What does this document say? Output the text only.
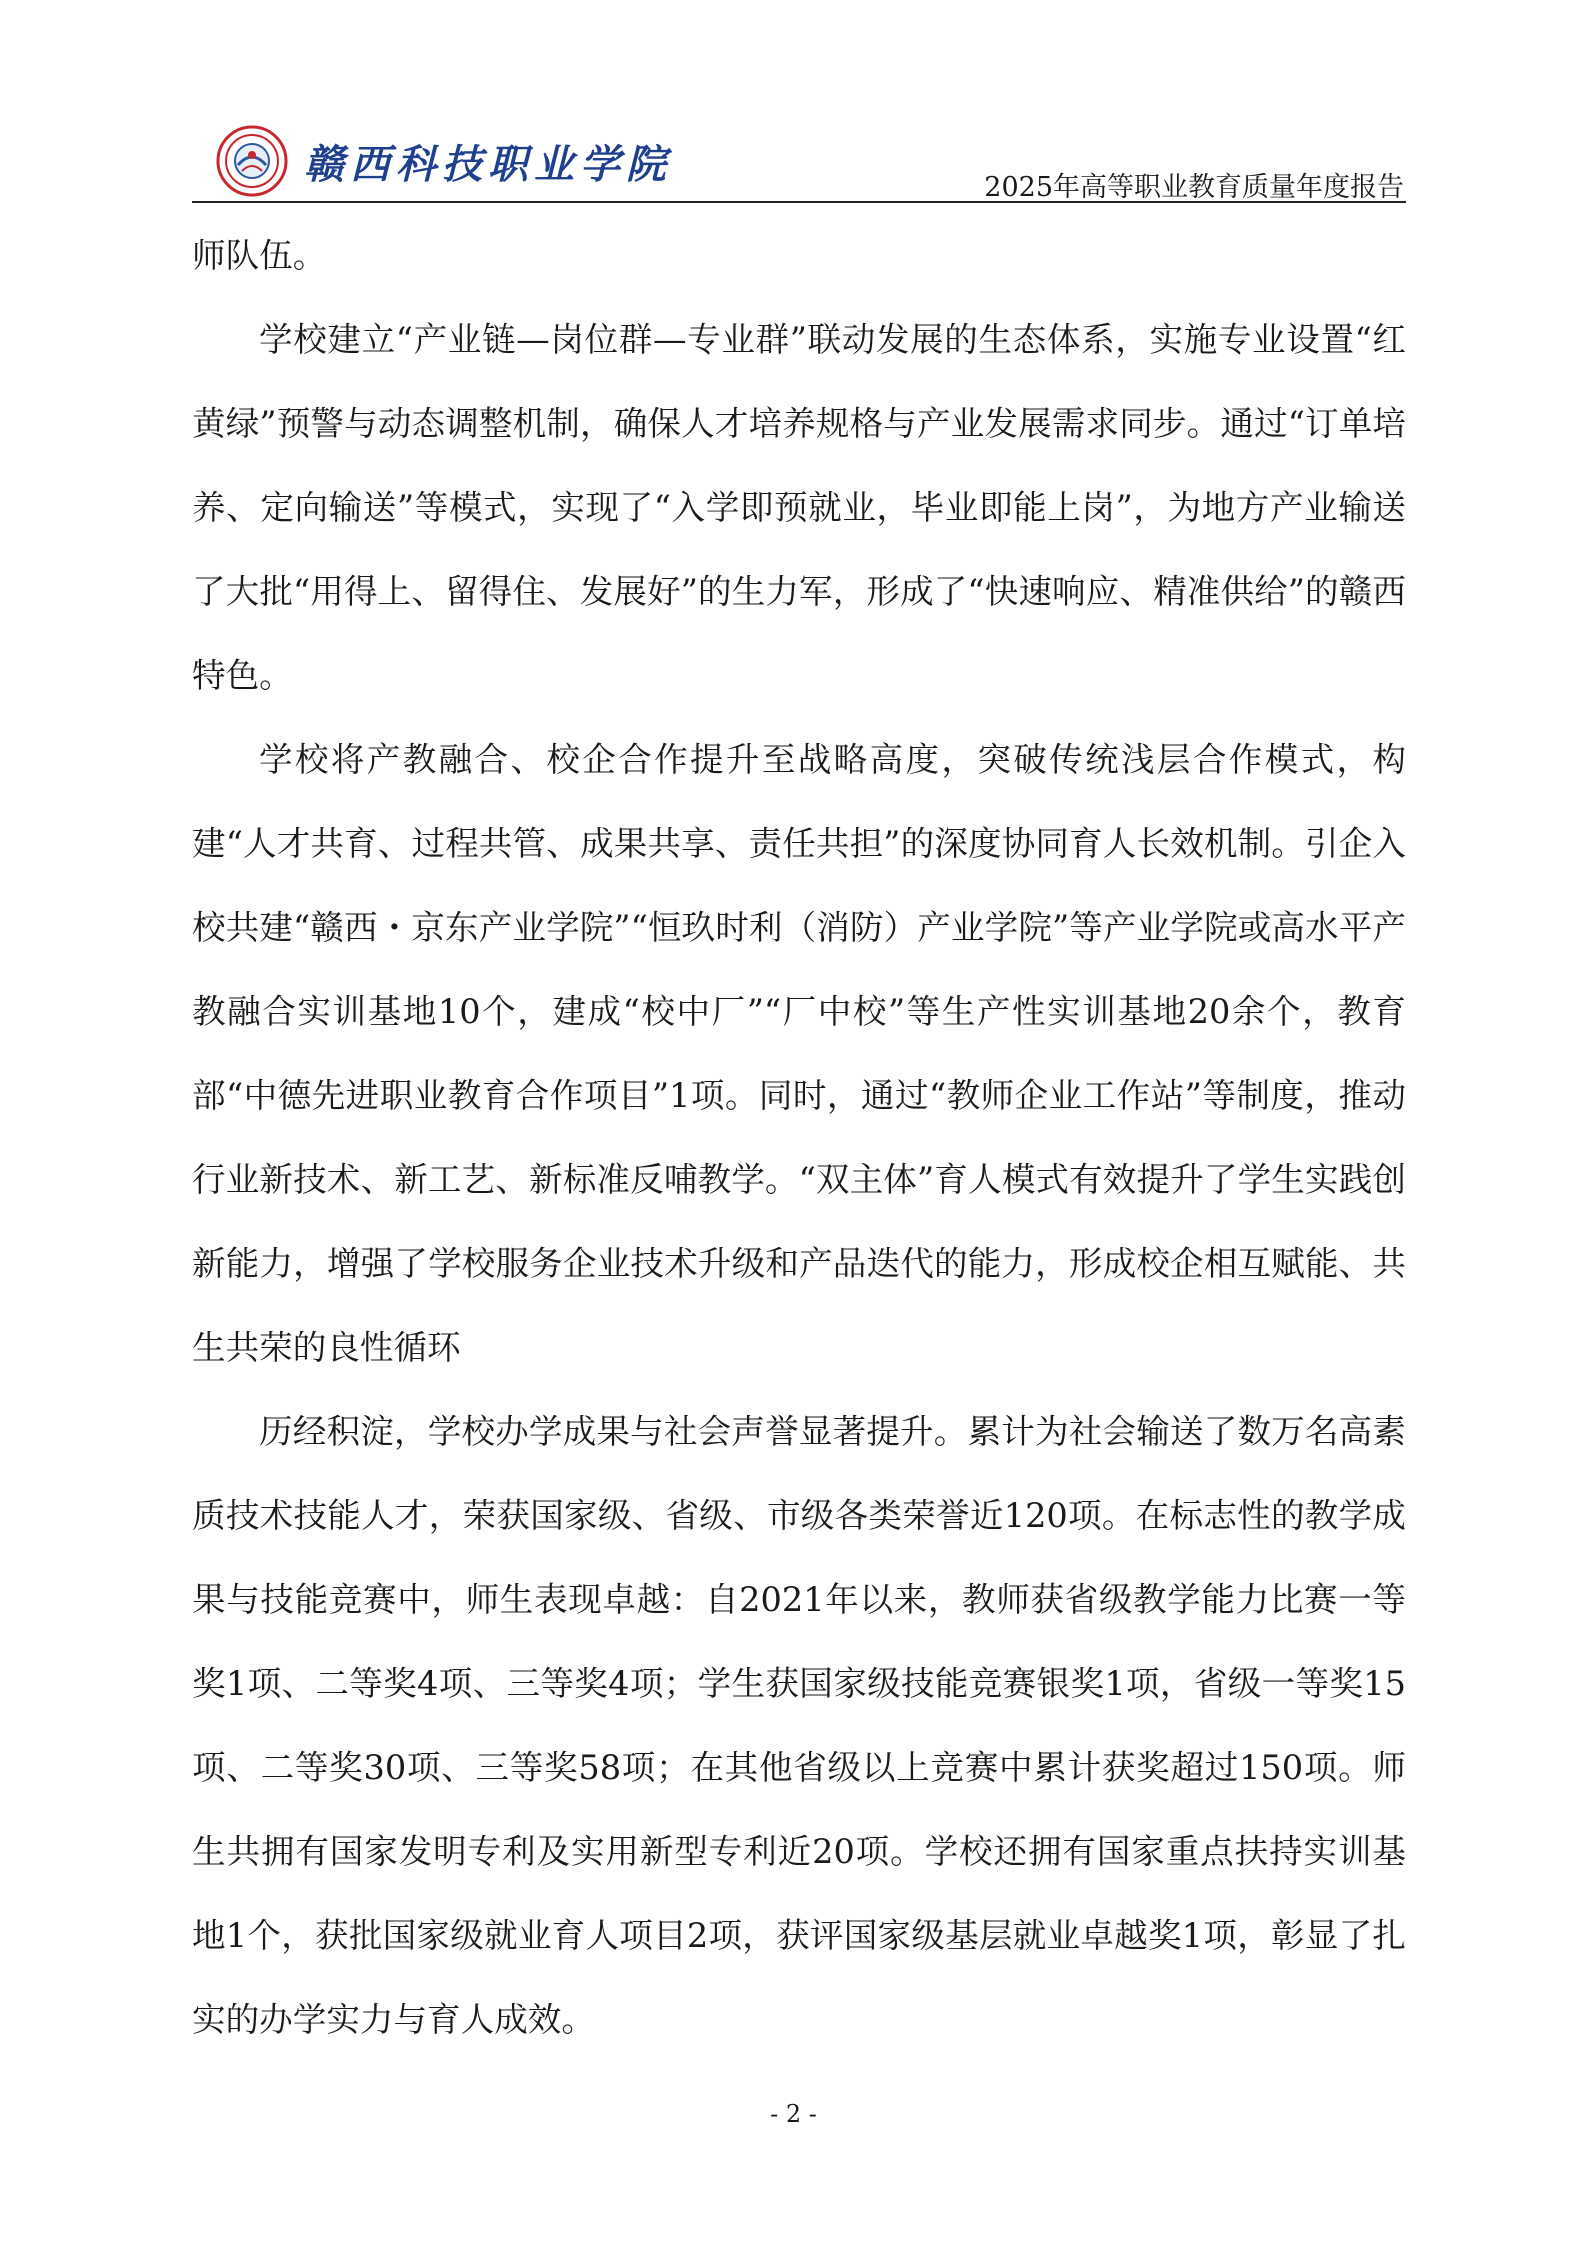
赣西科技职业学院	2025年高等职业教育质量年度报告

师队伍。

学校建立“产业链—岗位群—专业群”联动发展的生态体系，实施专业设置“红黄绿”预警与动态调整机制，确保人才培养规格与产业发展需求同步。通过“订单培养、定向输送”等模式，实现了“入学即预就业，毕业即能上岗”，为地方产业输送了大批“用得上、留得住、发展好”的生力军，形成了“快速响应、精准供给”的赣西特色。

学校将产教融合、校企合作提升至战略高度，突破传统浅层合作模式，构建“人才共育、过程共管、成果共享、责任共担”的深度协同育人长效机制。引企入校共建“赣西・京东产业学院”“恒玖时利（消防）产业学院”等产业学院或高水平产教融合实训基地10个，建成“校中厂”“厂中校”等生产性实训基地20余个，教育部“中德先进职业教育合作项目”1项。同时，通过“教师企业工作站”等制度，推动行业新技术、新工艺、新标准反哺教学。“双主体”育人模式有效提升了学生实践创新能力，增强了学校服务企业技术升级和产品迭代的能力，形成校企相互赋能、共生共荣的良性循环

历经积淀，学校办学成果与社会声誉显著提升。累计为社会输送了数万名高素质技术技能人才，荣获国家级、省级、市级各类荣誉近120项。在标志性的教学成果与技能竞赛中，师生表现卓越：自2021年以来，教师获省级教学能力比赛一等奖1项、二等奖4项、三等奖4项；学生获国家级技能竞赛银奖1项，省级一等奖15项、二等奖30项、三等奖58项；在其他省级以上竞赛中累计获奖超过150项。师生共拥有国家发明专利及实用新型专利近20项。学校还拥有国家重点扶持实训基地1个，获批国家级就业育人项目2项，获评国家级基层就业卓越奖1项，彰显了扎实的办学实力与育人成效。

- 2 -
